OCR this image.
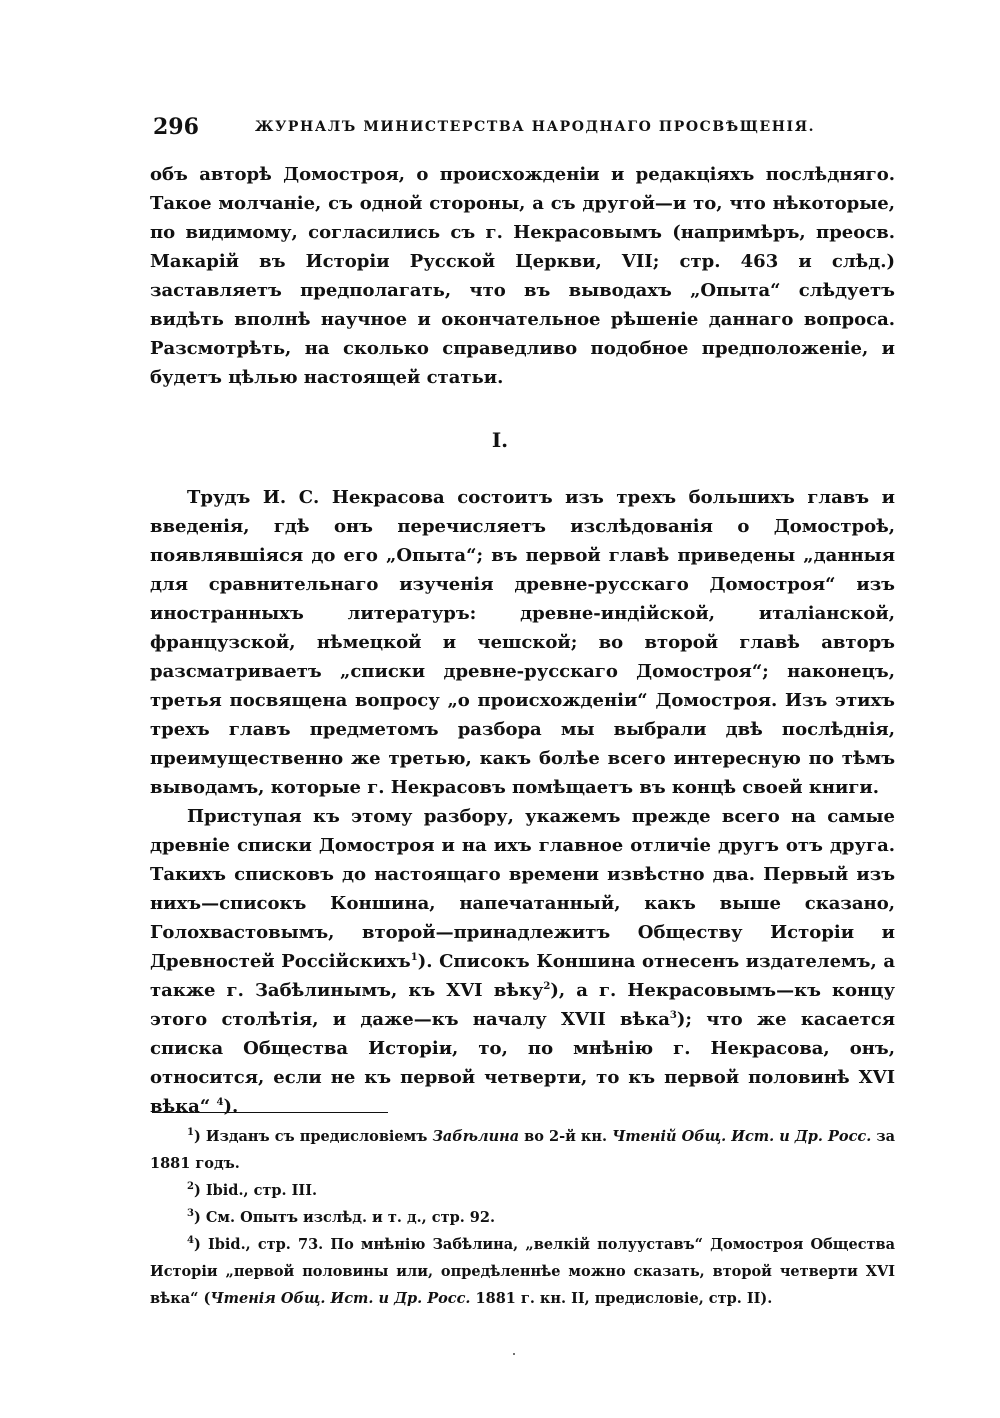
296	ЖУРНАЛЪ МИНИСТЕРСТВА НАРОДНАГО ПРОСВѢЩЕНІЯ.

объ авторѣ Домостроя, о происхожденіи и редакціяхъ послѣдняго. Такое молчаніе, съ одной стороны, а съ другой—и то, что нѣкоторые, по видимому, согласились съ г. Некрасовымъ (напримѣръ, преосв. Макарій въ Исторіи Русской Церкви, VII; стр. 463 и слѣд.) заставляетъ предполагать, что въ выводахъ „Опыта“ слѣдуетъ видѣть вполнѣ научное и окончательное рѣшеніе даннаго вопроса. Разсмотрѣть, на сколько справедливо подобное предположеніе, и будетъ цѣлью настоящей статьи.

I.

Трудъ И. С. Некрасова состоитъ изъ трехъ большихъ главъ и введенія, гдѣ онъ перечисляетъ изслѣдованія о Домостроѣ, появлявшіяся до его „Опыта“; въ первой главѣ приведены „данныя для сравнительнаго изученія древне-русскаго Домостроя“ изъ иностранныхъ литературъ: древне-индійской, италіанской, французской, нѣмецкой и чешской; во второй главѣ авторъ разсматриваетъ „списки древне-русскаго Домостроя“; наконецъ, третья посвящена вопросу „о происхожденіи“ Домостроя. Изъ этихъ трехъ главъ предметомъ разбора мы выбрали двѣ послѣднія, преимущественно же третью, какъ болѣе всего интересную по тѣмъ выводамъ, которые г. Некрасовъ помѣщаетъ въ концѣ своей книги.

Приступая къ этому разбору, укажемъ прежде всего на самые древніе списки Домостроя и на ихъ главное отличіе другъ отъ друга. Такихъ списковъ до настоящаго времени извѣстно два. Первый изъ нихъ—списокъ Коншина, напечатанный, какъ выше сказано, Голохвастовымъ, второй—принадлежитъ Обществу Исторіи и Древностей Россійскихъ$^1$). Списокъ Коншина отнесенъ издателемъ, а также г. Забѣлинымъ, къ XVI вѣку$^2$), а г. Некрасовымъ—къ концу этого столѣтія, и даже—къ началу XVII вѣка$^3$); что же касается списка Общества Исторіи, то, по мнѣнію г. Некрасова, онъ, относится, если не къ первой четверти, то къ первой половинѣ XVI вѣка“ $^4$).

$^1$) Изданъ съ предисловіемъ Забѣлина во 2-й кн. Чтеній Общ. Ист. и Др. Росс. за 1881 годъ.

$^2$) Ibid., стр. III.

$^3$) См. Опытъ изслѣд. и т. д., стр. 92.

$^4$) Ibid., стр. 73. По мнѣнію Забѣлина, „велкій полууставъ“ Домостроя Общества Исторіи „первой половины или, опредѣленнѣе можно сказать, второй четверти XVI вѣка“ (Чтенія Общ. Ист. и Др. Росс. 1881 г. кн. II, предисловіе, стр. II).
